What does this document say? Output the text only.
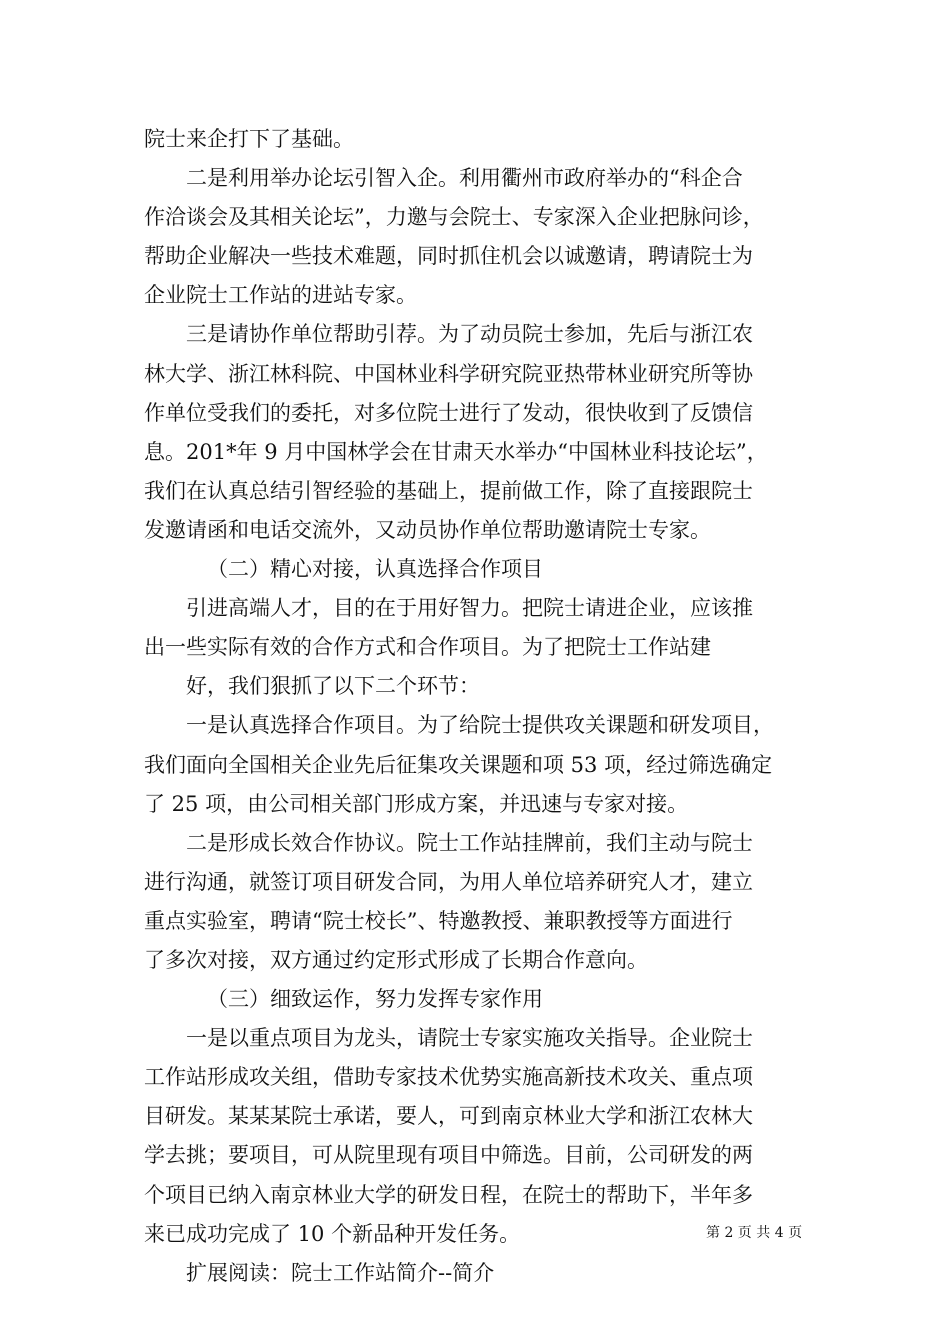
院士来企打下了基础。
二是利用举办论坛引智入企。利用衢州市政府举办的“科企合
作洽谈会及其相关论坛”，力邀与会院士、专家深入企业把脉问诊，
帮助企业解决一些技术难题，同时抓住机会以诚邀请，聘请院士为
企业院士工作站的进站专家。
三是请协作单位帮助引荐。为了动员院士参加，先后与浙江农
林大学、浙江林科院、中国林业科学研究院亚热带林业研究所等协
作单位受我们的委托，对多位院士进行了发动，很快收到了反馈信
息。201*年 9 月中国林学会在甘肃天水举办“中国林业科技论坛”，
我们在认真总结引智经验的基础上，提前做工作，除了直接跟院士
发邀请函和电话交流外，又动员协作单位帮助邀请院士专家。
（二）精心对接，认真选择合作项目
引进高端人才，目的在于用好智力。把院士请进企业，应该推
出一些实际有效的合作方式和合作项目。为了把院士工作站建
好，我们狠抓了以下二个环节：
一是认真选择合作项目。为了给院士提供攻关课题和研发项目，
我们面向全国相关企业先后征集攻关课题和项 53 项，经过筛选确定
了 25 项，由公司相关部门形成方案，并迅速与专家对接。
二是形成长效合作协议。院士工作站挂牌前，我们主动与院士
进行沟通，就签订项目研发合同，为用人单位培养研究人才，建立
重点实验室，聘请“院士校长”、特邀教授、兼职教授等方面进行
了多次对接，双方通过约定形式形成了长期合作意向。
（三）细致运作，努力发挥专家作用
一是以重点项目为龙头，请院士专家实施攻关指导。企业院士
工作站形成攻关组，借助专家技术优势实施高新技术攻关、重点项
目研发。某某某院士承诺，要人，可到南京林业大学和浙江农林大
学去挑；要项目，可从院里现有项目中筛选。目前，公司研发的两
个项目已纳入南京林业大学的研发日程，在院士的帮助下，半年多
来已成功完成了 10 个新品种开发任务。
扩展阅读：院士工作站简介--简介
第 2 页 共 4 页
